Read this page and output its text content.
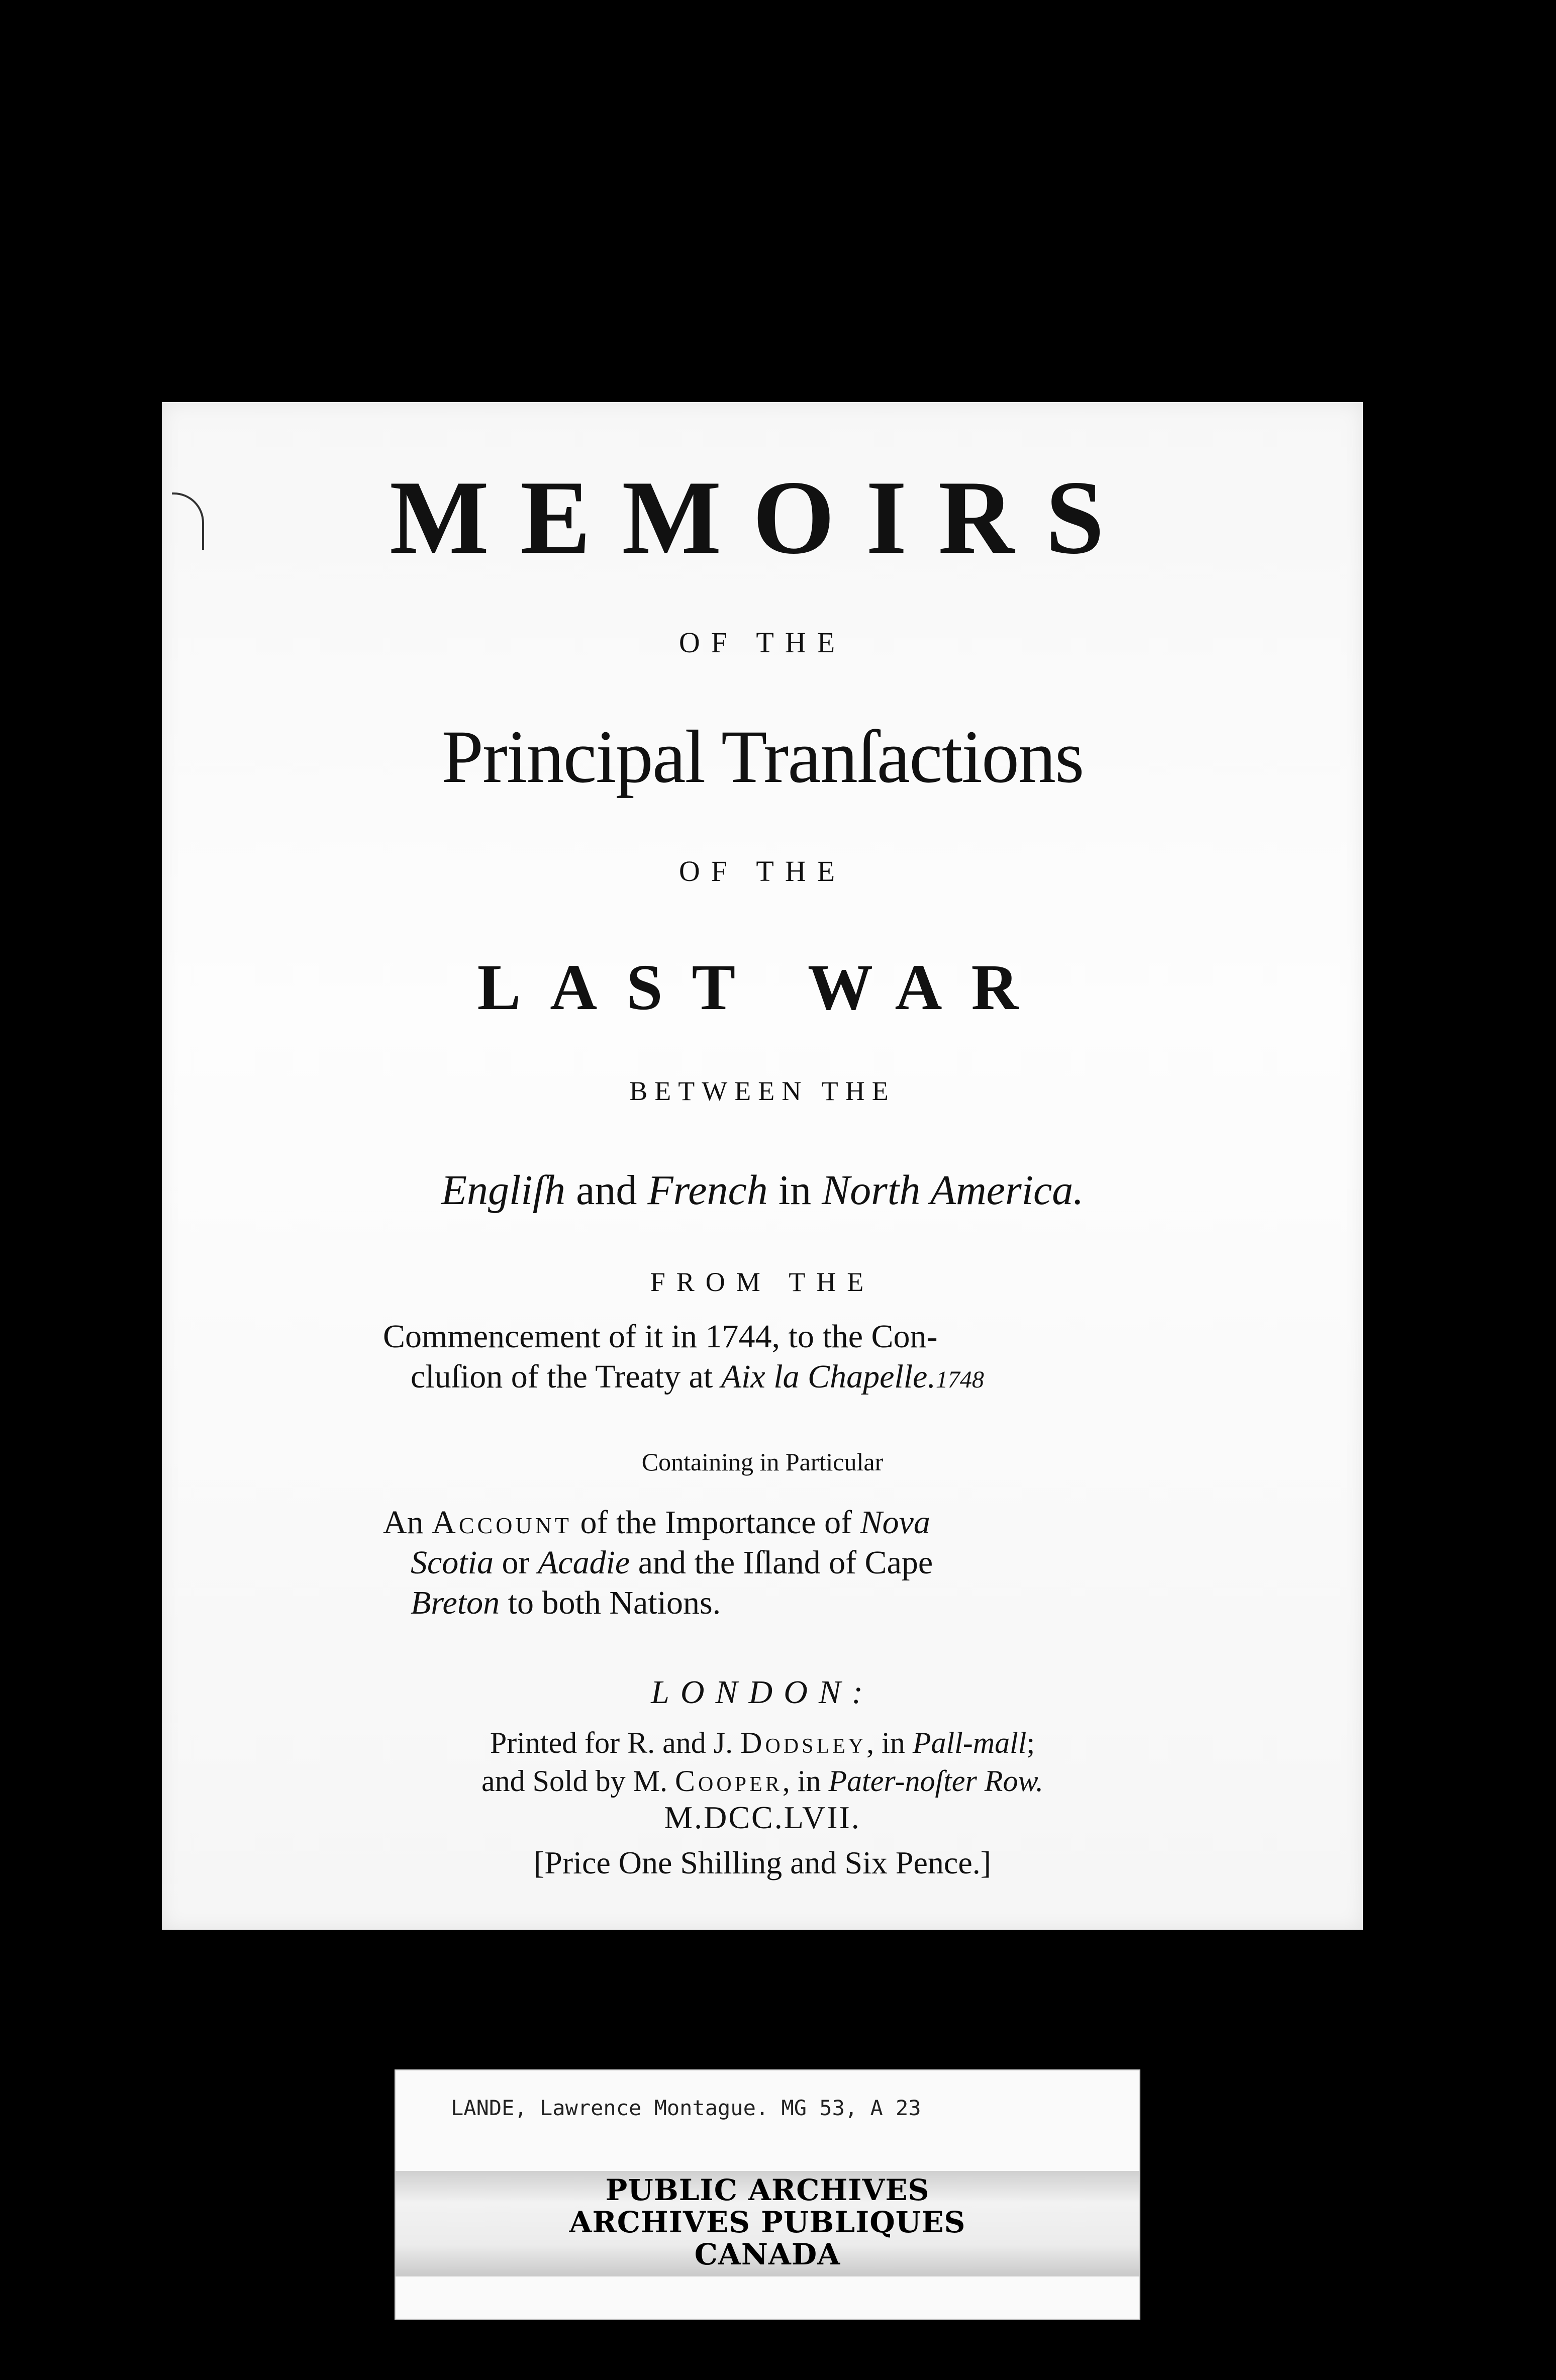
MEMOIRS
OF THE
Principal Tranſactions
OF THE
LAST WAR
BETWEEN THE
Engliſh and French in North America.
FROM THE
Commencement of it in 1744, to the Con-
cluſion of the Treaty at Aix la Chapelle.1748
Containing in Particular
An Account of the Importance of Nova
Scotia or Acadie and the Iſland of Cape
Breton to both Nations.
LONDON:
Printed for R. and J. Dodsley, in Pall-mall;
and Sold by M. Cooper, in Pater-noſter Row.
M.DCC.LVII.
[Price One Shilling and Six Pence.]
LANDE, Lawrence Montague. MG 53, A 23
PUBLIC ARCHIVES
ARCHIVES PUBLIQUES
CANADA
